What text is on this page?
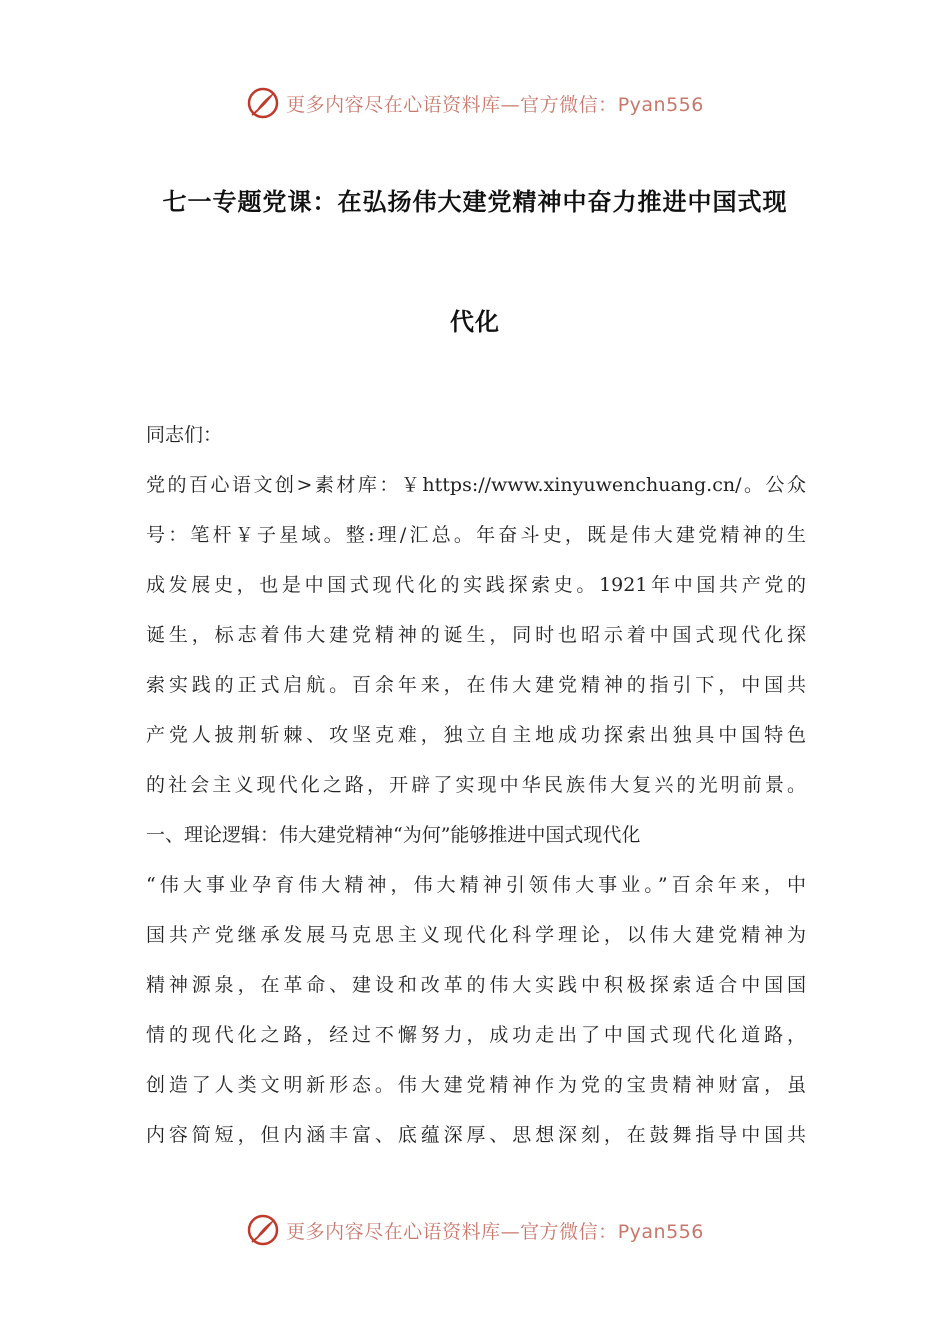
更多内容尽在心语资料库—官方微信：Pyan556
七一专题党课：在弘扬伟大建党精神中奋力推进中国式现
代化

同志们：

党的百心语文创>素材库：￥https://www.xinyuwenchuang.cn/。公众

号：笔杆￥子星域。整:理/汇总。年奋斗史，既是伟大建党精神的生

成发展史，也是中国式现代化的实践探索史。1921年中国共产党的

诞生，标志着伟大建党精神的诞生，同时也昭示着中国式现代化探

索实践的正式启航。百余年来，在伟大建党精神的指引下，中国共

产党人披荆斩棘、攻坚克难，独立自主地成功探索出独具中国特色

的社会主义现代化之路，开辟了实现中华民族伟大复兴的光明前景。

一、理论逻辑：伟大建党精神“为何”能够推进中国式现代化

“伟大事业孕育伟大精神，伟大精神引领伟大事业。”百余年来，中

国共产党继承发展马克思主义现代化科学理论，以伟大建党精神为

精神源泉，在革命、建设和改革的伟大实践中积极探索适合中国国

情的现代化之路，经过不懈努力，成功走出了中国式现代化道路，

创造了人类文明新形态。伟大建党精神作为党的宝贵精神财富，虽

内容简短，但内涵丰富、底蕴深厚、思想深刻，在鼓舞指导中国共

更多内容尽在心语资料库—官方微信：Pyan556
